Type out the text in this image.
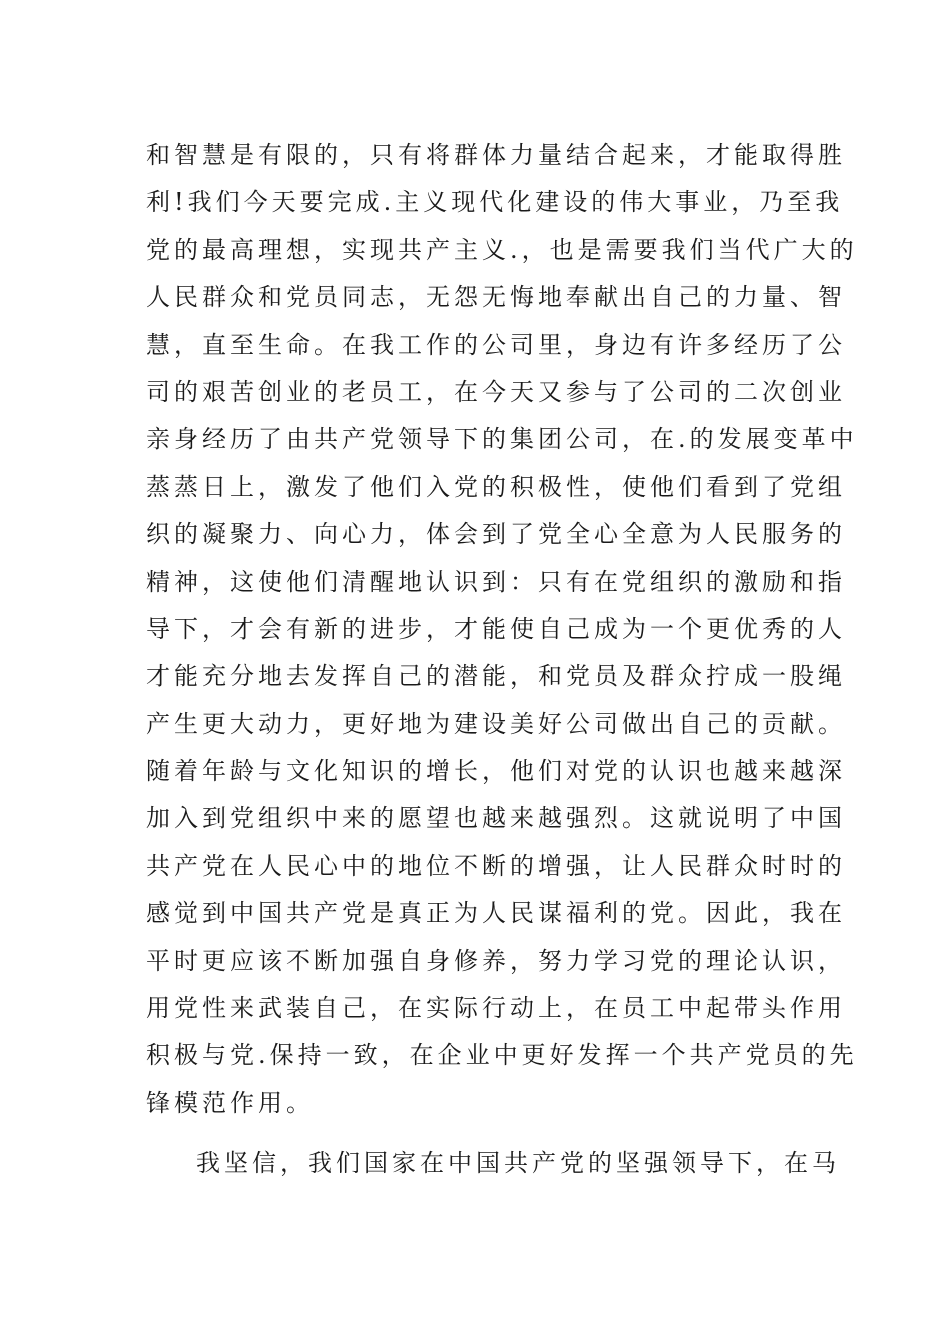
和智慧是有限的，只有将群体力量结合起来，才能取得胜
利!我们今天要完成.主义现代化建设的伟大事业，乃至我
党的最高理想，实现共产主义.，也是需要我们当代广大的
人民群众和党员同志，无怨无悔地奉献出自己的力量、智
慧，直至生命。在我工作的公司里，身边有许多经历了公
司的艰苦创业的老员工，在今天又参与了公司的二次创业
亲身经历了由共产党领导下的集团公司，在.的发展变革中
蒸蒸日上，激发了他们入党的积极性，使他们看到了党组
织的凝聚力、向心力，体会到了党全心全意为人民服务的
精神，这使他们清醒地认识到：只有在党组织的激励和指
导下，才会有新的进步，才能使自己成为一个更优秀的人
才能充分地去发挥自己的潜能，和党员及群众拧成一股绳
产生更大动力，更好地为建设美好公司做出自己的贡献。
随着年龄与文化知识的增长，他们对党的认识也越来越深
加入到党组织中来的愿望也越来越强烈。这就说明了中国
共产党在人民心中的地位不断的增强，让人民群众时时的
感觉到中国共产党是真正为人民谋福利的党。因此，我在
平时更应该不断加强自身修养，努力学习党的理论认识，
用党性来武装自己，在实际行动上，在员工中起带头作用
积极与党.保持一致，在企业中更好发挥一个共产党员的先
锋模范作用。
我坚信，我们国家在中国共产党的坚强领导下，在马
